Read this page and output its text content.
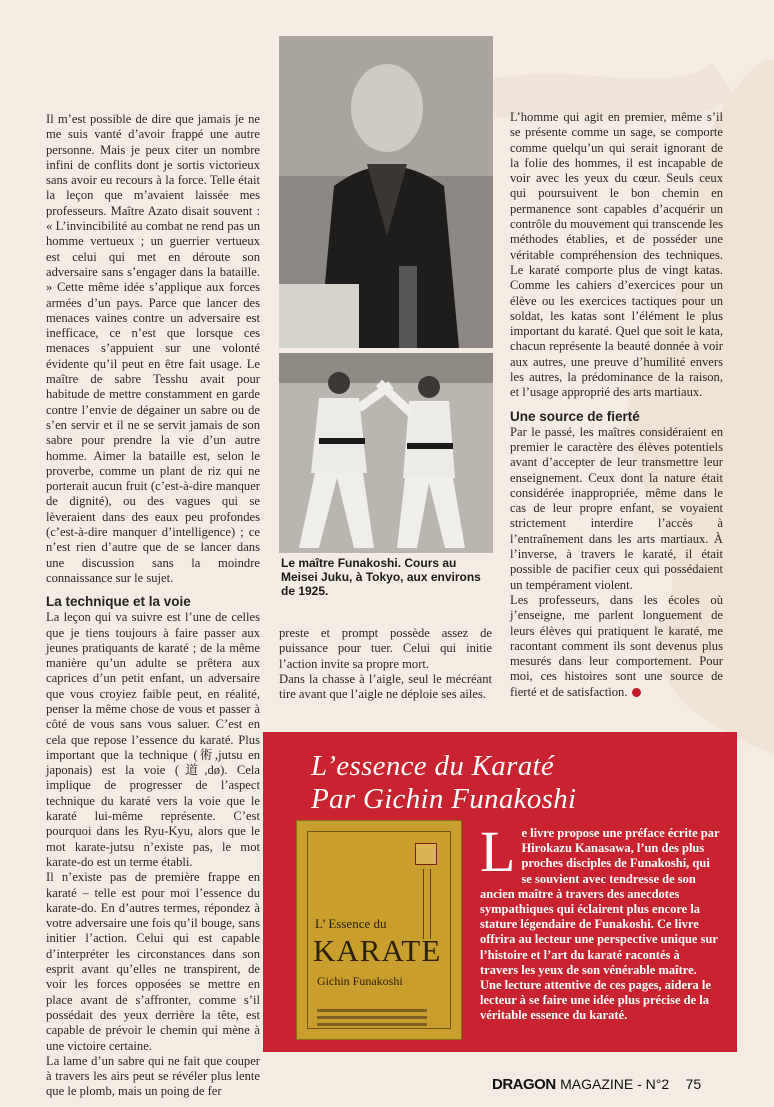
Il m’est possible de dire que jamais je ne me suis vanté d’avoir frappé une autre personne. Mais je peux citer un nombre infini de conflits dont je sortis victorieux sans avoir eu recours à la force. Telle était la leçon que m’avaient laissée mes professeurs. Maître Azato disait souvent : « L’invincibilité au combat ne rend pas un homme vertueux ; un guerrier vertueux est celui qui met en déroute son adversaire sans s’engager dans la bataille. » Cette même idée s’applique aux forces armées d’un pays. Parce que lancer des menaces vaines contre un adversaire est inefficace, ce n’est que lorsque ces menaces s’appuient sur une volonté évidente qu’il peut en être fait usage. Le maître de sabre Tesshu avait pour habitude de mettre constamment en garde contre l’envie de dégainer un sabre ou de s’en servir et il ne se servit jamais de son sabre pour prendre la vie d’un autre homme. Aimer la bataille est, selon le proverbe, comme un plant de riz qui ne porterait aucun fruit (c’est-à-dire manquer de dignité), ou des vagues qui se lèveraient dans des eaux peu profondes (c’est-à-dire manquer d’intelligence) ; ce n’est rien d’autre que de se lancer dans une discussion sans la moindre connaissance sur le sujet.

La technique et la voie

La leçon qui va suivre est l’une de celles que je tiens toujours à faire passer aux jeunes pratiquants de karaté ; de la même manière qu’un adulte se prêtera aux caprices d’un petit enfant, un adversaire que vous croyiez faible peut, en réalité, penser la même chose de vous et passer à côté de vous sans vous saluer. C’est en cela que repose l’essence du karaté. Plus important que la technique (術,jutsu en japonais) est la voie (道,dø). Cela implique de progresser de l’aspect technique du karaté vers la voie que le karaté lui-même représente. C’est pourquoi dans les Ryu-Kyu, alors que le mot karate-jutsu n’existe pas, le mot karate-do est un terme établi.

Il n’existe pas de première frappe en karaté – telle est pour moi l’essence du karate-do. En d’autres termes, répondez à votre adversaire une fois qu’il bouge, sans initier l’action. Celui qui est capable d’interpréter les circonstances dans son esprit avant qu’elles ne transpirent, de voir les forces opposées se mettre en place avant de s’affronter, comme s’il possédait des yeux derrière la tête, est capable de prévoir le chemin qui mène à une victoire certaine.

La lame d’un sabre qui ne fait que couper à travers les airs peut se révéler plus lente que le plomb, mais un poing de fer

Le maître Funakoshi. Cours au Meisei Juku, à Tokyo, aux environs de 1925.

preste et prompt possède assez de puissance pour tuer. Celui qui initie l’action invite sa propre mort.

Dans la chasse à l’aigle, seul le mécréant tire avant que l’aigle ne déploie ses ailes.

L’homme qui agit en premier, même s’il se présente comme un sage, se comporte comme quelqu’un qui serait ignorant de la folie des hommes, il est incapable de voir avec les yeux du cœur. Seuls ceux qui poursuivent le bon chemin en permanence sont capables d’acquérir un contrôle du mouvement qui transcende les méthodes établies, et de posséder une véritable compréhension des techniques. Le karaté comporte plus de vingt katas. Comme les cahiers d’exercices pour un élève ou les exercices tactiques pour un soldat, les katas sont l’élément le plus important du karaté. Quel que soit le kata, chacun représente la beauté donnée à voir aux autres, une preuve d’humilité envers les autres, la prédominance de la raison, et l’usage approprié des arts martiaux.

Une source de fierté

Par le passé, les maîtres considéraient en premier le caractère des élèves potentiels avant d’accepter de leur transmettre leur enseignement. Ceux dont la nature était considérée inappropriée, même dans le cas de leur propre enfant, se voyaient strictement interdire l’accès à l’entraînement dans les arts martiaux. À l’inverse, à travers le karaté, il était possible de pacifier ceux qui possédaient un tempérament violent.

Les professeurs, dans les écoles où j’enseigne, me parlent longuement de leurs élèves qui pratiquent le karaté, me racontant comment ils sont devenus plus mesurés dans leur comportement. Pour moi, ces histoires sont une source de fierté et de satisfaction.

L’essence du Karaté
Par Gichin Funakoshi
L’ Essence du
KARATE
Gichin Funakoshi
Le livre propose une préface écrite par Hirokazu Kanasawa, l’un des plus proches disciples de Funakoshi, qui se souvient avec tendresse de son ancien maître à travers des anecdotes sympathiques qui éclairent plus encore la stature légendaire de Funakoshi. Ce livre offrira au lecteur une perspective unique sur l’histoire et l’art du karaté racontés à travers les yeux de son vénérable maître. Une lecture attentive de ces pages, aidera le lecteur à se faire une idée plus précise de la véritable essence du karaté.
DRAGON MAGAZINE - N°2 75
